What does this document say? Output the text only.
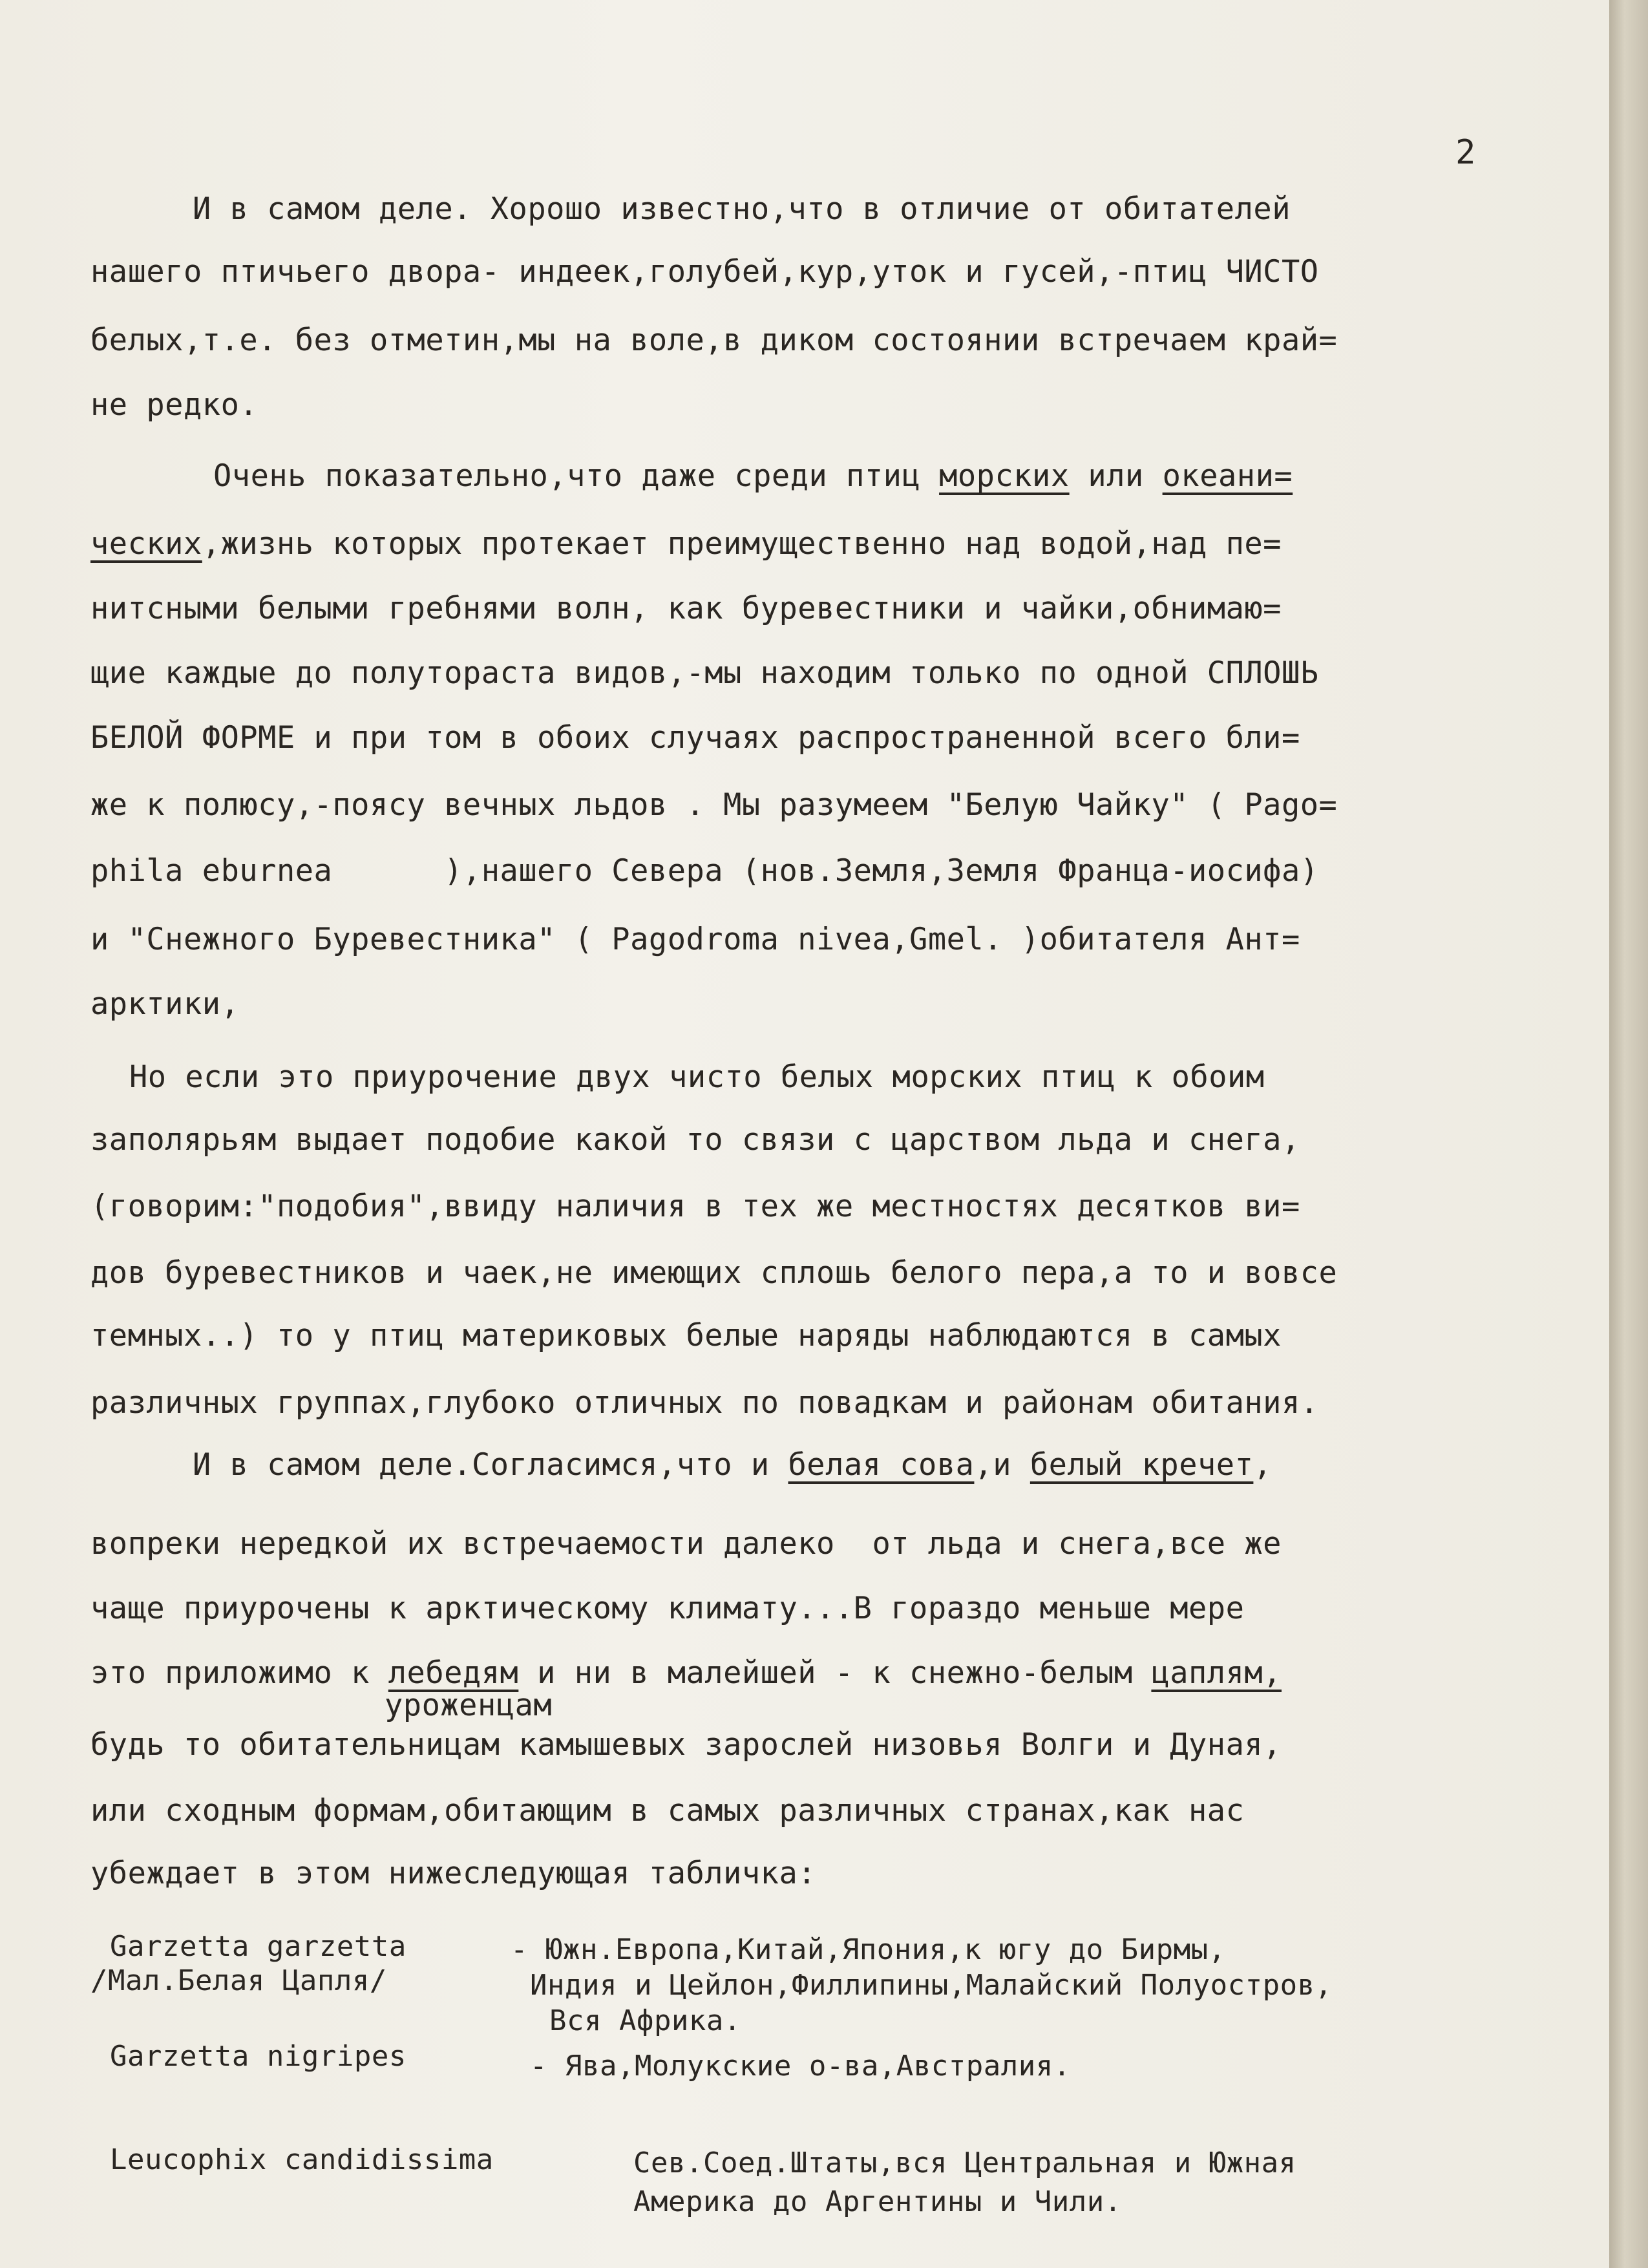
2
И в самом деле. Хорошо известно,что в отличие от обитателей
нашего птичьего двора- индеек,голубей,кур,уток и гусей,-птиц ЧИСТО
белых,т.е. без отметин,мы на воле,в диком состоянии встречаем край=
не редко.
Очень показательно,что даже среди птиц морских или океани=
ческих,жизнь которых протекает преимущественно над водой,над пе=
нитсными белыми гребнями волн, как буревестники и чайки,обнимаю=
щие каждые до полутораста видов,-мы находим только по одной СПЛОШЬ
БЕЛОЙ ФОРМЕ и при том в обоих случаях распространенной всего бли=
же к полюсу,-поясу вечных льдов . Мы разумеем "Белую Чайку" ( Pago=
phila eburnea      ),нашего Севера (нов.Земля,Земля Франца-иосифа)
и "Снежного Буревестника" ( Pagodroma nivea,Gmel. )обитателя Ант=
арктики,
Но если это приурочение двух чисто белых морских птиц к обоим
заполярьям выдает подобие какой то связи с царством льда и снега,
(говорим:"подобия",ввиду наличия в тех же местностях десятков ви=
дов буревестников и чаек,не имеющих сплошь белого пера,а то и вовсе
темных..) то у птиц материковых белые наряды наблюдаются в самых
различных группах,глубоко отличных по повадкам и районам обитания.
И в самом деле.Согласимся,что и белая сова,и белый кречет,
вопреки нередкой их встречаемости далеко  от льда и снега,все же
чаще приурочены к арктическому климату...В гораздо меньше мере
это приложимо к лебедям и ни в малейшей - к снежно-белым цаплям,
уроженцам
будь то обитательницам камышевых зарослей низовья Волги и Дуная,
или сходным формам,обитающим в самых различных странах,как нас
убеждает в этом нижеследующая табличка:
Garzetta garzetta
/Мал.Белая Цапля/
- Южн.Европа,Китай,Япония,к югу до Бирмы,
Индия и Цейлон,Филлипины,Малайский Полуостров,
Вся Африка.
Garzetta nigripes	- Ява,Молукские о-ва,Австралия.
Leucophix candidissima	Сев.Соед.Штаты,вся Центральная и Южная
Америка до Аргентины и Чили.
